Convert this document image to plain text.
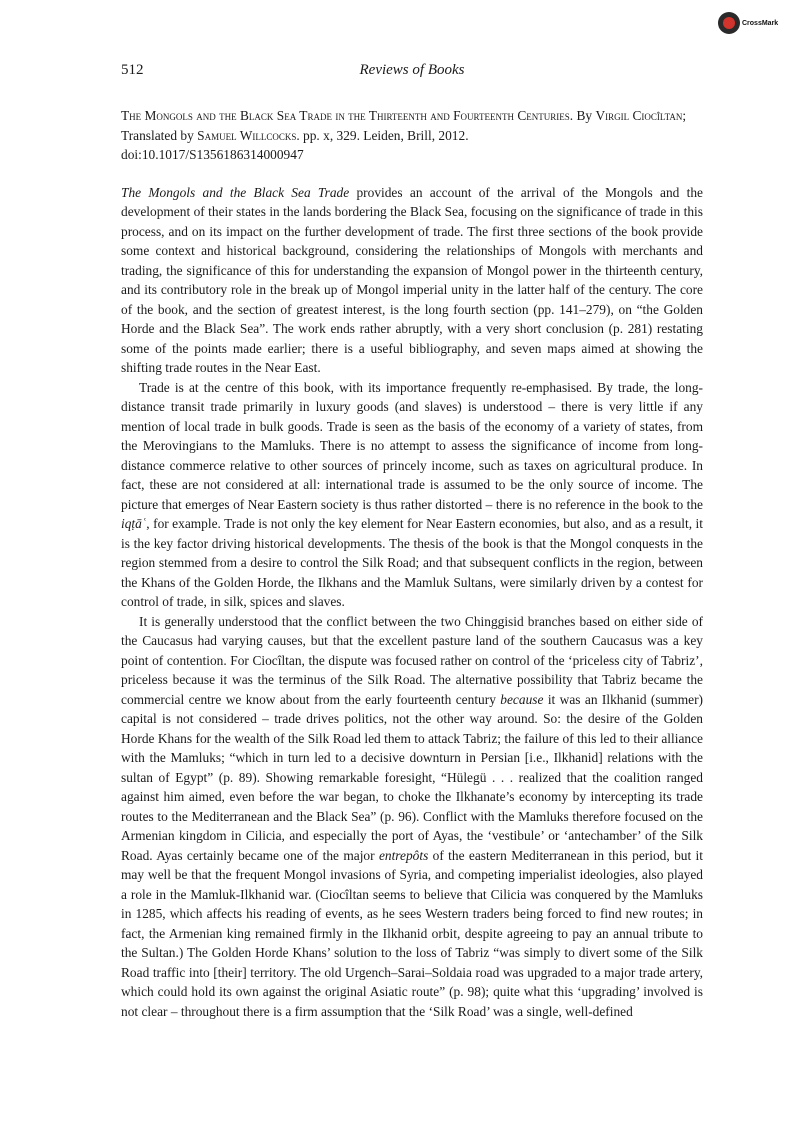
CrossMark
512	Reviews of Books
The Mongols and the Black Sea Trade in the Thirteenth and Fourteenth Centuries. By Virgil Ciocîltan; Translated by Samuel Willcocks. pp. x, 329. Leiden, Brill, 2012.
doi:10.1017/S1356186314000947

The Mongols and the Black Sea Trade provides an account of the arrival of the Mongols and the development of their states in the lands bordering the Black Sea, focusing on the significance of trade in this process, and on its impact on the further development of trade. The first three sections of the book provide some context and historical background, considering the relationships of Mongols with merchants and trading, the significance of this for understanding the expansion of Mongol power in the thirteenth century, and its contributory role in the break up of Mongol imperial unity in the latter half of the century. The core of the book, and the section of greatest interest, is the long fourth section (pp. 141–279), on “the Golden Horde and the Black Sea”. The work ends rather abruptly, with a very short conclusion (p. 281) restating some of the points made earlier; there is a useful bibliography, and seven maps aimed at showing the shifting trade routes in the Near East.

Trade is at the centre of this book, with its importance frequently re-emphasised. By trade, the long-distance transit trade primarily in luxury goods (and slaves) is understood – there is very little if any mention of local trade in bulk goods. Trade is seen as the basis of the economy of a variety of states, from the Merovingians to the Mamluks. There is no attempt to assess the significance of income from long-distance commerce relative to other sources of princely income, such as taxes on agricultural produce. In fact, these are not considered at all: international trade is assumed to be the only source of income. The picture that emerges of Near Eastern society is thus rather distorted – there is no reference in the book to the iqṭāʿ, for example. Trade is not only the key element for Near Eastern economies, but also, and as a result, it is the key factor driving historical developments. The thesis of the book is that the Mongol conquests in the region stemmed from a desire to control the Silk Road; and that subsequent conflicts in the region, between the Khans of the Golden Horde, the Ilkhans and the Mamluk Sultans, were similarly driven by a contest for control of trade, in silk, spices and slaves.

It is generally understood that the conflict between the two Chinggisid branches based on either side of the Caucasus had varying causes, but that the excellent pasture land of the southern Caucasus was a key point of contention. For Ciocîltan, the dispute was focused rather on control of the ‘priceless city of Tabriz’, priceless because it was the terminus of the Silk Road. The alternative possibility that Tabriz became the commercial centre we know about from the early fourteenth century because it was an Ilkhanid (summer) capital is not considered – trade drives politics, not the other way around. So: the desire of the Golden Horde Khans for the wealth of the Silk Road led them to attack Tabriz; the failure of this led to their alliance with the Mamluks; “which in turn led to a decisive downturn in Persian [i.e., Ilkhanid] relations with the sultan of Egypt” (p. 89). Showing remarkable foresight, “Hülegü . . . realized that the coalition ranged against him aimed, even before the war began, to choke the Ilkhanate’s economy by intercepting its trade routes to the Mediterranean and the Black Sea” (p. 96). Conflict with the Mamluks therefore focused on the Armenian kingdom in Cilicia, and especially the port of Ayas, the ‘vestibule’ or ‘antechamber’ of the Silk Road. Ayas certainly became one of the major entrepôts of the eastern Mediterranean in this period, but it may well be that the frequent Mongol invasions of Syria, and competing imperialist ideologies, also played a role in the Mamluk-Ilkhanid war. (Ciocîltan seems to believe that Cilicia was conquered by the Mamluks in 1285, which affects his reading of events, as he sees Western traders being forced to find new routes; in fact, the Armenian king remained firmly in the Ilkhanid orbit, despite agreeing to pay an annual tribute to the Sultan.) The Golden Horde Khans’ solution to the loss of Tabriz “was simply to divert some of the Silk Road traffic into [their] territory. The old Urgench–Sarai–Soldaia road was upgraded to a major trade artery, which could hold its own against the original Asiatic route” (p. 98); quite what this ‘upgrading’ involved is not clear – throughout there is a firm assumption that the ‘Silk Road’ was a single, well-defined
